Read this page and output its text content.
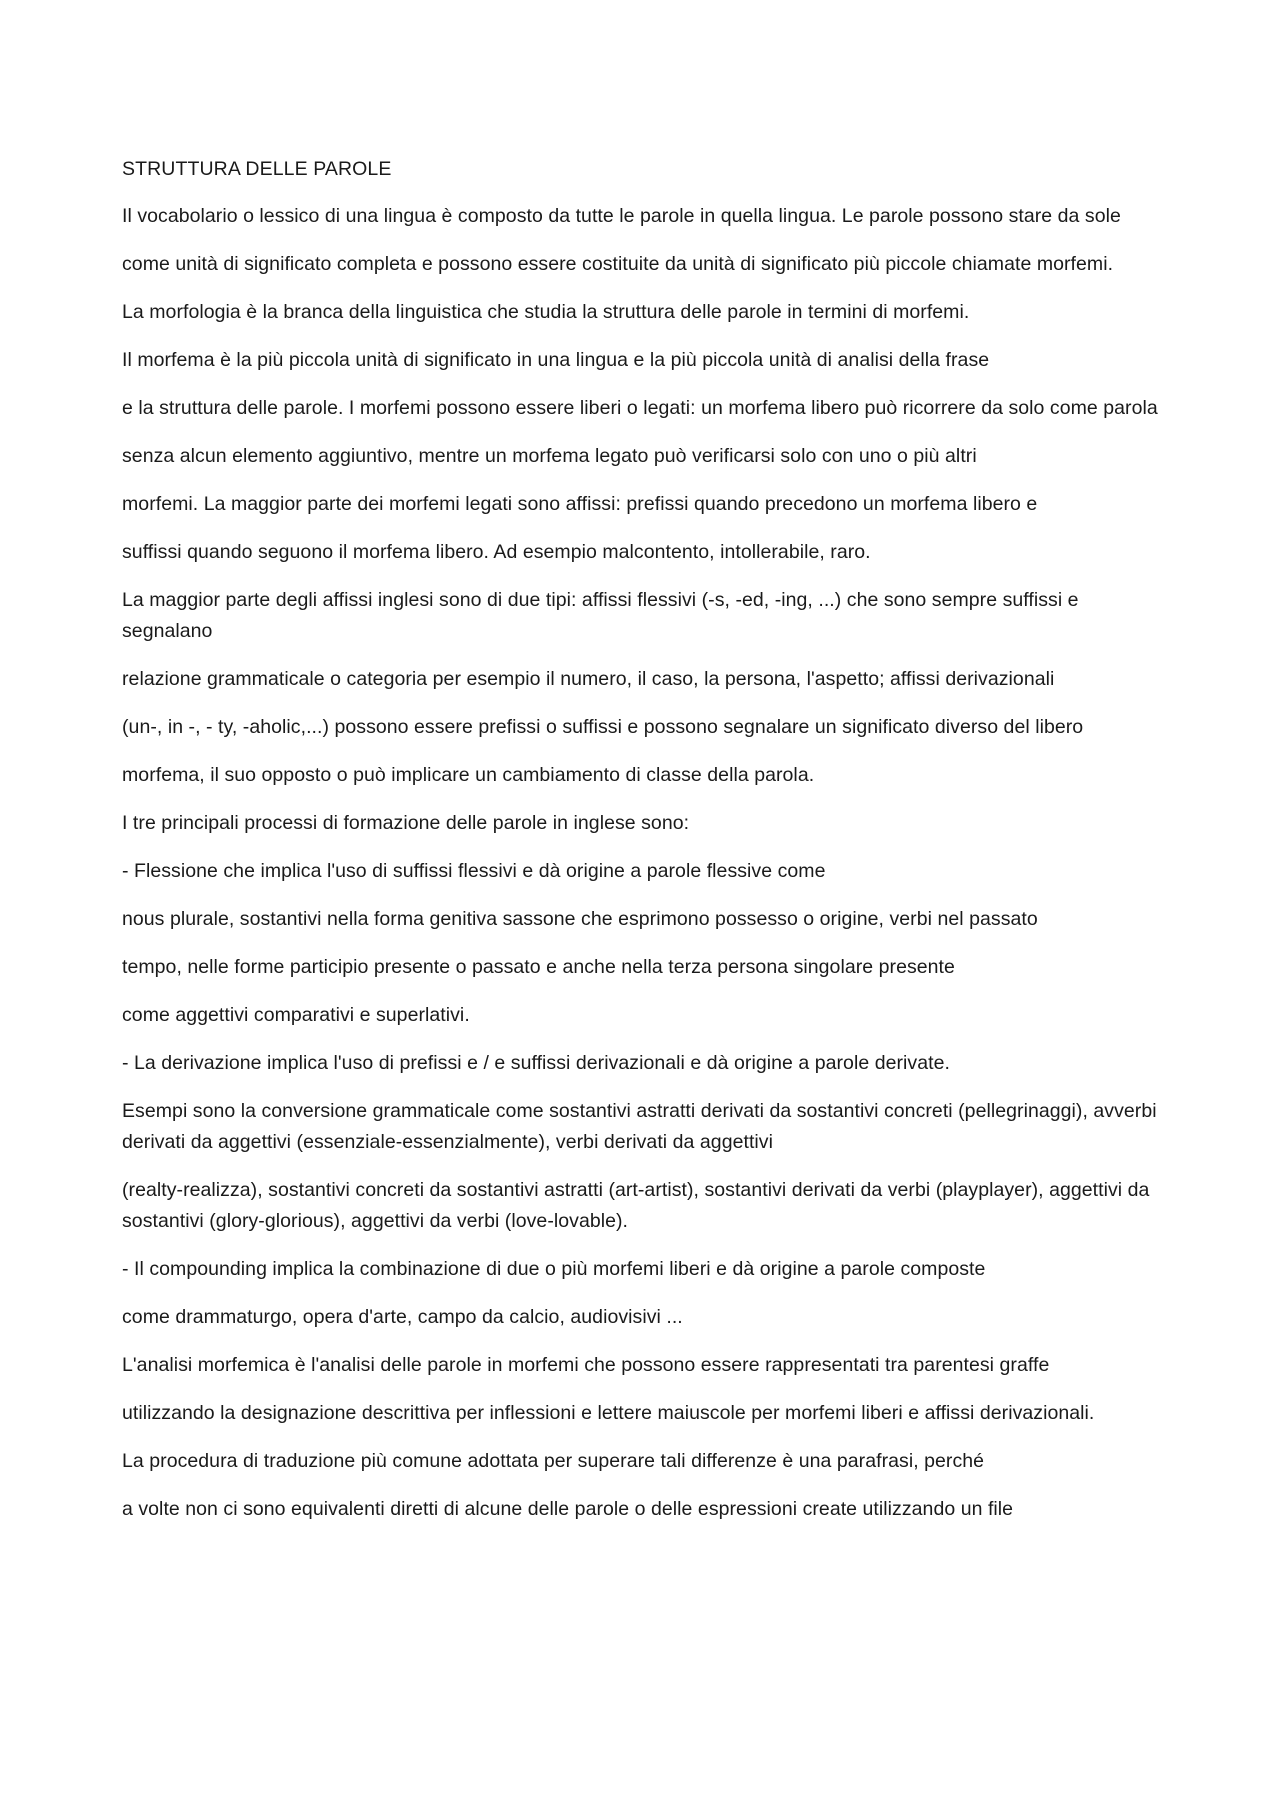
STRUTTURA DELLE PAROLE
Il vocabolario o lessico di una lingua è composto da tutte le parole in quella lingua. Le parole possono stare da sole
come unità di significato completa e possono essere costituite da unità di significato più piccole chiamate morfemi.
La morfologia è la branca della linguistica che studia la struttura delle parole in termini di morfemi.
Il morfema è la più piccola unità di significato in una lingua e la più piccola unità di analisi della frase
e la struttura delle parole. I morfemi possono essere liberi o legati: un morfema libero può ricorrere da solo come parola
senza alcun elemento aggiuntivo, mentre un morfema legato può verificarsi solo con uno o più altri
morfemi. La maggior parte dei morfemi legati sono affissi: prefissi quando precedono un morfema libero e
suffissi quando seguono il morfema libero. Ad esempio malcontento, intollerabile, raro.
La maggior parte degli affissi inglesi sono di due tipi: affissi flessivi (-s, -ed, -ing, ...) che sono sempre suffissi e segnalano
relazione grammaticale o categoria per esempio il numero, il caso, la persona, l'aspetto; affissi derivazionali
(un-, in -, - ty, -aholic,...) possono essere prefissi o suffissi e possono segnalare un significato diverso del libero
morfema, il suo opposto o può implicare un cambiamento di classe della parola.
I tre principali processi di formazione delle parole in inglese sono:
- Flessione che implica l'uso di suffissi flessivi e dà origine a parole flessive come
nous plurale, sostantivi nella forma genitiva sassone che esprimono possesso o origine, verbi nel passato
tempo, nelle forme participio presente o passato e anche nella terza persona singolare presente
come aggettivi comparativi e superlativi.
- La derivazione implica l'uso di prefissi e / e suffissi derivazionali e dà origine a parole derivate.
Esempi sono la conversione grammaticale come sostantivi astratti derivati da sostantivi concreti (pellegrinaggi), avverbi derivati da aggettivi (essenziale-essenzialmente), verbi derivati da aggettivi
(realty-realizza), sostantivi concreti da sostantivi astratti (art-artist), sostantivi derivati da verbi (playplayer), aggettivi da sostantivi (glory-glorious), aggettivi da verbi (love-lovable).
- Il compounding implica la combinazione di due o più morfemi liberi e dà origine a parole composte
come drammaturgo, opera d'arte, campo da calcio, audiovisivi ...
L'analisi morfemica è l'analisi delle parole in morfemi che possono essere rappresentati tra parentesi graffe
utilizzando la designazione descrittiva per inflessioni e lettere maiuscole per morfemi liberi e affissi derivazionali.
La procedura di traduzione più comune adottata per superare tali differenze è una parafrasi, perché
a volte non ci sono equivalenti diretti di alcune delle parole o delle espressioni create utilizzando un file
